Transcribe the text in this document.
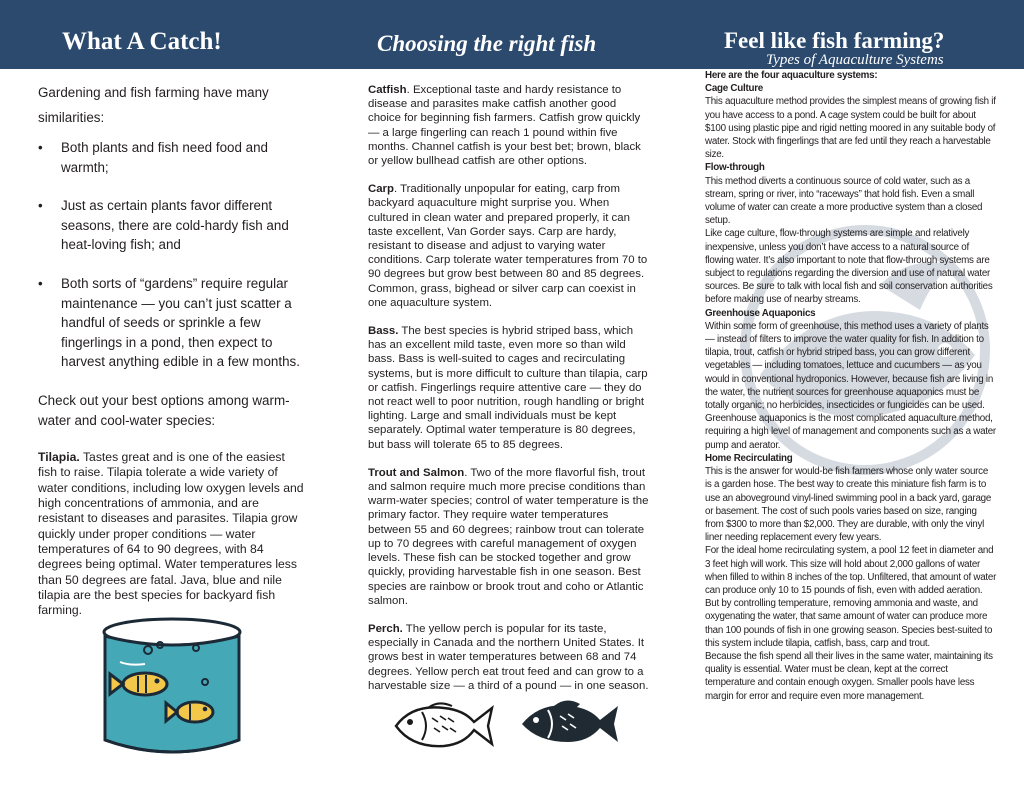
What A Catch!	Choosing the right fish	Feel like fish farming?
Types of Aquaculture Systems

Gardening and fish farming have many similarities:

• Both plants and fish need food and warmth;
• Just as certain plants favor different seasons, there are cold-hardy fish and heat-loving fish; and
• Both sorts of “gardens” require regular maintenance — you can’t just scatter a handful of seeds or sprinkle a few fingerlings in a pond, then expect to harvest anything edible in a few months.

Check out your best options among warm-water and cool-water species:

Tilapia. Tastes great and is one of the easiest fish to raise. Tilapia tolerate a wide variety of water conditions, including low oxygen levels and high concentrations of ammonia, and are resistant to diseases and parasites. Tilapia grow quickly under proper conditions — water temperatures of 64 to 90 degrees, with 84 degrees being optimal. Water temperatures less than 50 degrees are fatal. Java, blue and nile tilapia are the best species for backyard fish farming.

Catfish. Exceptional taste and hardy resistance to disease and parasites make catfish another good choice for beginning fish farmers. Catfish grow quickly — a large fingerling can reach 1 pound within five months. Channel catfish is your best bet; brown, black or yellow bullhead catfish are other options.

Carp. Traditionally unpopular for eating, carp from backyard aquaculture might surprise you. When cultured in clean water and prepared properly, it can taste excellent, Van Gorder says. Carp are hardy, resistant to disease and adjust to varying water conditions. Carp tolerate water temperatures from 70 to 90 degrees but grow best between 80 and 85 degrees. Common, grass, bighead or silver carp can coexist in one aquaculture system.

Bass. The best species is hybrid striped bass, which has an excellent mild taste, even more so than wild bass. Bass is well-suited to cages and recirculating systems, but is more difficult to culture than tilapia, carp or catfish. Fingerlings require attentive care — they do not react well to poor nutrition, rough handling or bright lighting. Large and small individuals must be kept separately. Optimal water temperature is 80 degrees, but bass will tolerate 65 to 85 degrees.

Trout and Salmon. Two of the more flavorful fish, trout and salmon require much more precise conditions than warm-water species; control of water temperature is the primary factor. They require water temperatures between 55 and 60 degrees; rainbow trout can tolerate up to 70 degrees with careful management of oxygen levels. These fish can be stocked together and grow quickly, providing harvestable fish in one season. Best species are rainbow or brook trout and coho or Atlantic salmon.

Perch. The yellow perch is popular for its taste, especially in Canada and the northern United States. It grows best in water temperatures between 68 and 74 degrees. Yellow perch eat trout feed and can grow to a harvestable size — a third of a pound — in one season.

Here are the four aquaculture systems:

Cage Culture

This aquaculture method provides the simplest means of growing fish if you have access to a pond. A cage system could be built for about $100 using plastic pipe and rigid netting moored in any suitable body of water. Stock with fingerlings that are fed until they reach a harvestable size.

Flow-through

This method diverts a continuous source of cold water, such as a stream, spring or river, into “raceways” that hold fish. Even a small volume of water can create a more productive system than a closed setup.

Like cage culture, flow-through systems are simple and relatively inexpensive, unless you don’t have access to a natural source of flowing water. It’s also important to note that flow-through systems are subject to regulations regarding the diversion and use of natural water sources. Be sure to talk with local fish and soil conservation authorities before making use of nearby streams.

Greenhouse Aquaponics

Within some form of greenhouse, this method uses a variety of plants — instead of filters to improve the water quality for fish. In addition to tilapia, trout, catfish or hybrid striped bass, you can grow different vegetables — including tomatoes, lettuce and cucumbers — as you would in conventional hydroponics. However, because fish are living in the water, the nutrient sources for greenhouse aquaponics must be totally organic; no herbicides, insecticides or fungicides can be used. Greenhouse aquaponics is the most complicated aquaculture method, requiring a high level of management and components such as a water pump and aerator.

Home Recirculating

This is the answer for would-be fish farmers whose only water source is a garden hose. The best way to create this miniature fish farm is to use an aboveground vinyl-lined swimming pool in a back yard, garage or basement. The cost of such pools varies based on size, ranging from $300 to more than $2,000. They are durable, with only the vinyl liner needing replacement every few years.

For the ideal home recirculating system, a pool 12 feet in diameter and 3 feet high will work. This size will hold about 2,000 gallons of water when filled to within 8 inches of the top. Unfiltered, that amount of water can produce only 10 to 15 pounds of fish, even with added aeration. But by controlling temperature, removing ammonia and waste, and oxygenating the water, that same amount of water can produce more than 100 pounds of fish in one growing season. Species best-suited to this system include tilapia, catfish, bass, carp and trout.

Because the fish spend all their lives in the same water, maintaining its quality is essential. Water must be clean, kept at the correct temperature and contain enough oxygen. Smaller pools have less margin for error and require even more management.
